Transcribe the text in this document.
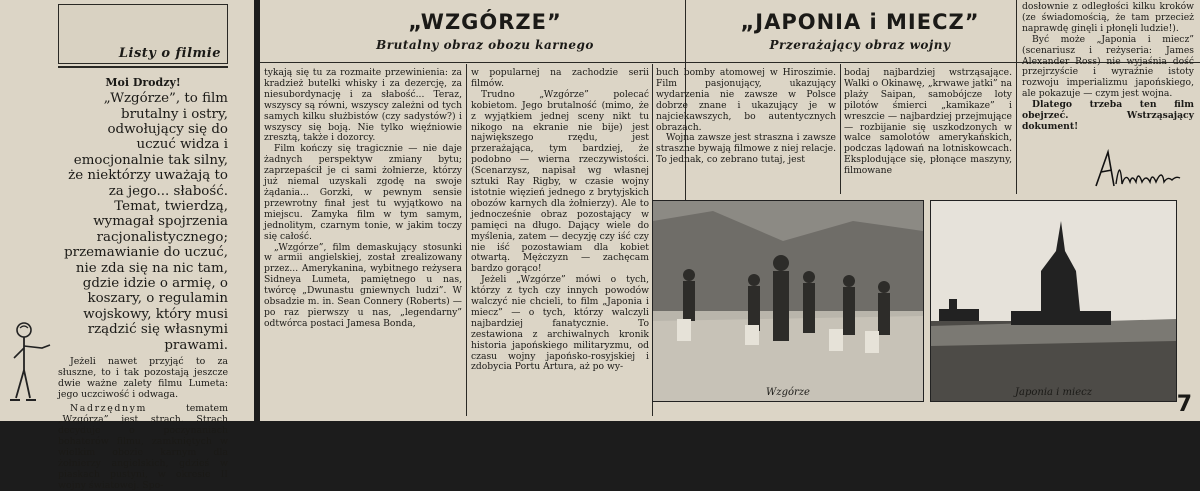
Listy o filmie
Moi Drodzy!
„Wzgórze”, to film brutalny i ostry, odwołujący się do uczuć widza i emocjonalnie tak silny, że niektórzy uważają to za jego... słabość. Temat, twierdzą, wymagał spojrzenia racjonalistycznego; przemawianie do uczuć, nie zda się na nic tam, gdzie idzie o armię, o koszary, o regulamin wojskowy, który musi rządzić się własnymi prawami.
Jeżeli nawet przyjąć to za słuszne, to i tak pozostają jeszcze dwie ważne zalety filmu Lumeta: jego uczciwość i odwaga.
Nadrzędnym tematem „Wzgórza” jest strach. Strach decyduje o poczynaniach bohaterów filmu, zamkniętych w wielkim obozie karnym dla żołnierzy angielskich, gdzieś w piaskach pustyni, w okresie II wojny światowej. Spo-
„WZGÓRZE”
Brutalny obraz obozu karnego
„JAPONIA i MIECZ”
Przerażający obraz wojny

tykają się tu za rozmaite przewinienia: za kradzież butelki whisky i za dezercję, za niesubordynację i za słabość... Teraz, wszyscy są równi, wszyscy zależni od tych samych kilku służbistów (czy sadystów?) i wszyscy się boją. Nie tylko więźniowie zresztą, także i dozorcy.

Film kończy się tragicznie — nie daje żadnych perspektyw zmiany bytu; zaprzepaścił je ci sami żołnierze, którzy już niemal uzyskali zgodę na swoje żądania... Gorzki, w pewnym sensie przewrotny finał jest tu wyjątkowo na miejscu. Zamyka film w tym samym, jednolitym, czarnym tonie, w jakim toczy się całość.

„Wzgórze”, film demaskujący stosunki w armii angielskiej, został zrealizowany przez... Amerykanina, wybitnego reżysera Sidneya Lumeta, pamiętnego u nas, twórcę „Dwunastu gniewnych ludzi”. W obsadzie m. in. Sean Connery (Roberts) — po raz pierwszy u nas, „legendarny” odtwórca postaci Jamesa Bonda,

w popularnej na zachodzie serii filmów.

Trudno „Wzgórze” polecać kobietom. Jego brutalność (mimo, że z wyjątkiem jednej sceny nikt tu nikogo na ekranie nie bije) jest największego rzędu, jest przerażająca, tym bardziej, że podobno — wierna rzeczywistości. (Scenarzysz, napisał wg własnej sztuki Ray Rigby, w czasie wojny istotnie więzień jednego z brytyjskich obozów karnych dla żołnierzy). Ale to jednocześnie obraz pozostający w pamięci na długo. Dający wiele do myślenia, zatem — decyzję czy iść czy nie iść pozostawiam dla kobiet otwartą. Mężczyzn — zachęcam bardzo gorąco!

Jeżeli „Wzgórze” mówi o tych, którzy z tych czy innych powodów walczyć nie chcieli, to film „Japonia i miecz” — o tych, którzy walczyli najbardziej fanatycznie. To zestawiona z archiwalnych kronik historia japońskiego militaryzmu, od czasu wojny japońsko-rosyjskiej i zdobycia Portu Artura, aż po wy-

buch bomby atomowej w Hiroszimie. Film pasjonujący, ukazujący wydarzenia nie zawsze w Polsce dobrze znane i ukazujący je w najciekawszych, bo autentycznych obrazach.

Wojna zawsze jest straszna i zawsze straszne bywają filmowe z niej relacje. To jednak, co zebrano tutaj, jest

bodaj najbardziej wstrząsające. Walki o Okinawę, „krwawe jatki” na plaży Saipan, samobójcze loty pilotów śmierci „kamikaze” i wreszcie — najbardziej przejmujące — rozbijanie się uszkodzonych w walce samolotów amerykańskich, podczas lądowań na lotniskowcach. Eksplodujące się, płonące maszyny, filmowane

dosłownie z odległości kilku kroków (ze świadomością, że tam przecież naprawdę ginęli i płonęli ludzie!).

Być może „Japonia i miecz” (scenariusz i reżyseria: James Alexander Ross) nie wyjaśnia dość przejrzyście i wyraźnie istoty rozwoju imperializmu japońskiego, ale pokazuje — czym jest wojna.

Dlatego trzeba ten film obejrzeć. Wstrząsający dokument!

Wzgórze	Japonia i miecz	7
